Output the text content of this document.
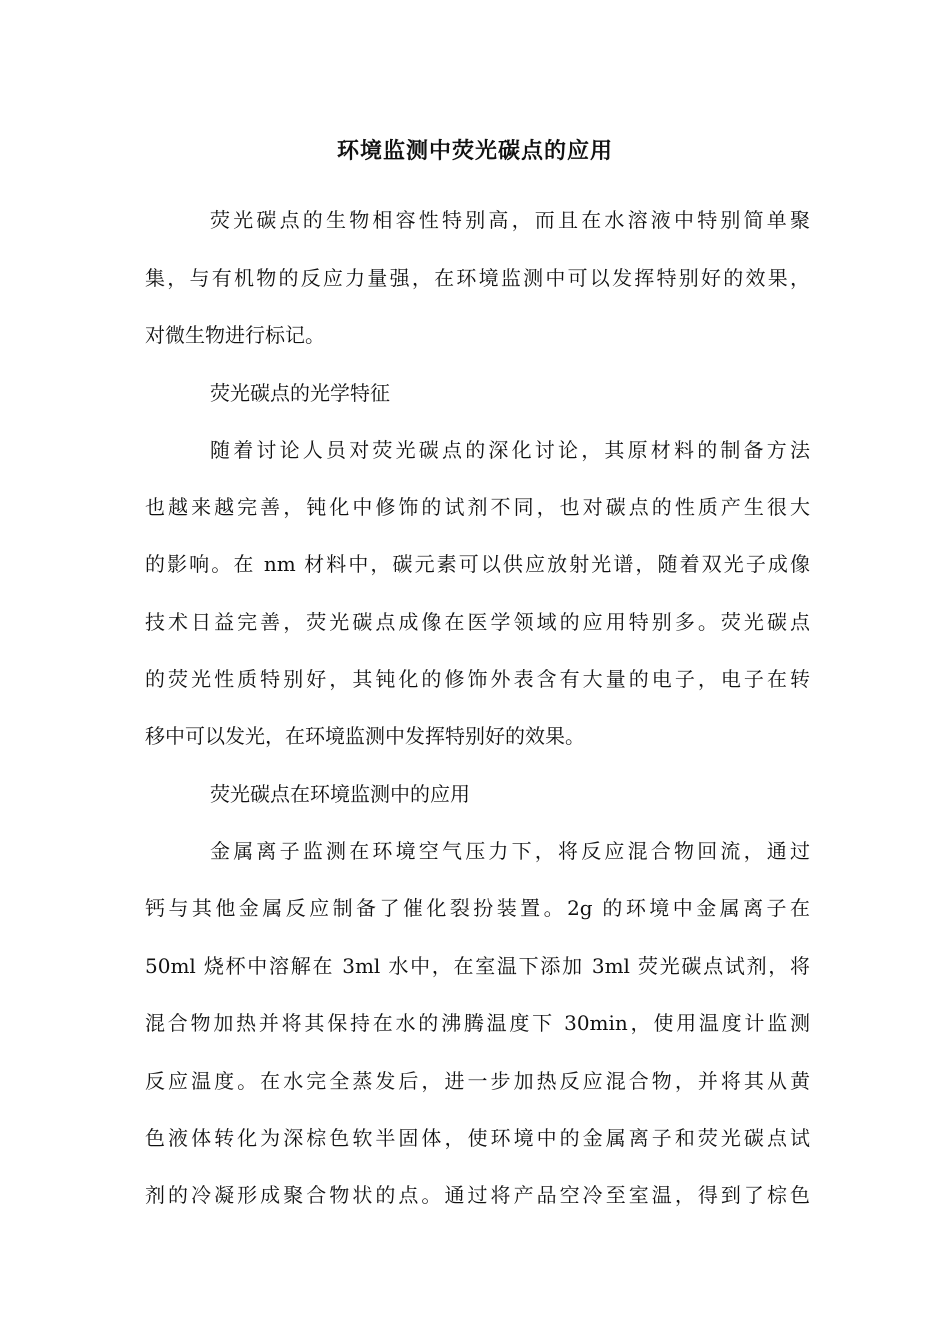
环境监测中荧光碳点的应用
荧光碳点的生物相容性特别高，而且在水溶液中特别简单聚
集，与有机物的反应力量强，在环境监测中可以发挥特别好的效果，
对微生物进行标记。
荧光碳点的光学特征
随着讨论人员对荧光碳点的深化讨论，其原材料的制备方法
也越来越完善，钝化中修饰的试剂不同，也对碳点的性质产生很大
的影响。在 nm 材料中，碳元素可以供应放射光谱，随着双光子成像
技术日益完善，荧光碳点成像在医学领域的应用特别多。荧光碳点
的荧光性质特别好，其钝化的修饰外表含有大量的电子，电子在转
移中可以发光，在环境监测中发挥特别好的效果。
荧光碳点在环境监测中的应用
金属离子监测在环境空气压力下，将反应混合物回流，通过
钙与其他金属反应制备了催化裂扮装置。2g 的环境中金属离子在
50ml 烧杯中溶解在 3ml 水中，在室温下添加 3ml 荧光碳点试剂，将
混合物加热并将其保持在水的沸腾温度下 30min，使用温度计监测
反应温度。在水完全蒸发后，进一步加热反应混合物，并将其从黄
色液体转化为深棕色软半固体，使环境中的金属离子和荧光碳点试
剂的冷凝形成聚合物状的点。通过将产品空冷至室温，得到了棕色
